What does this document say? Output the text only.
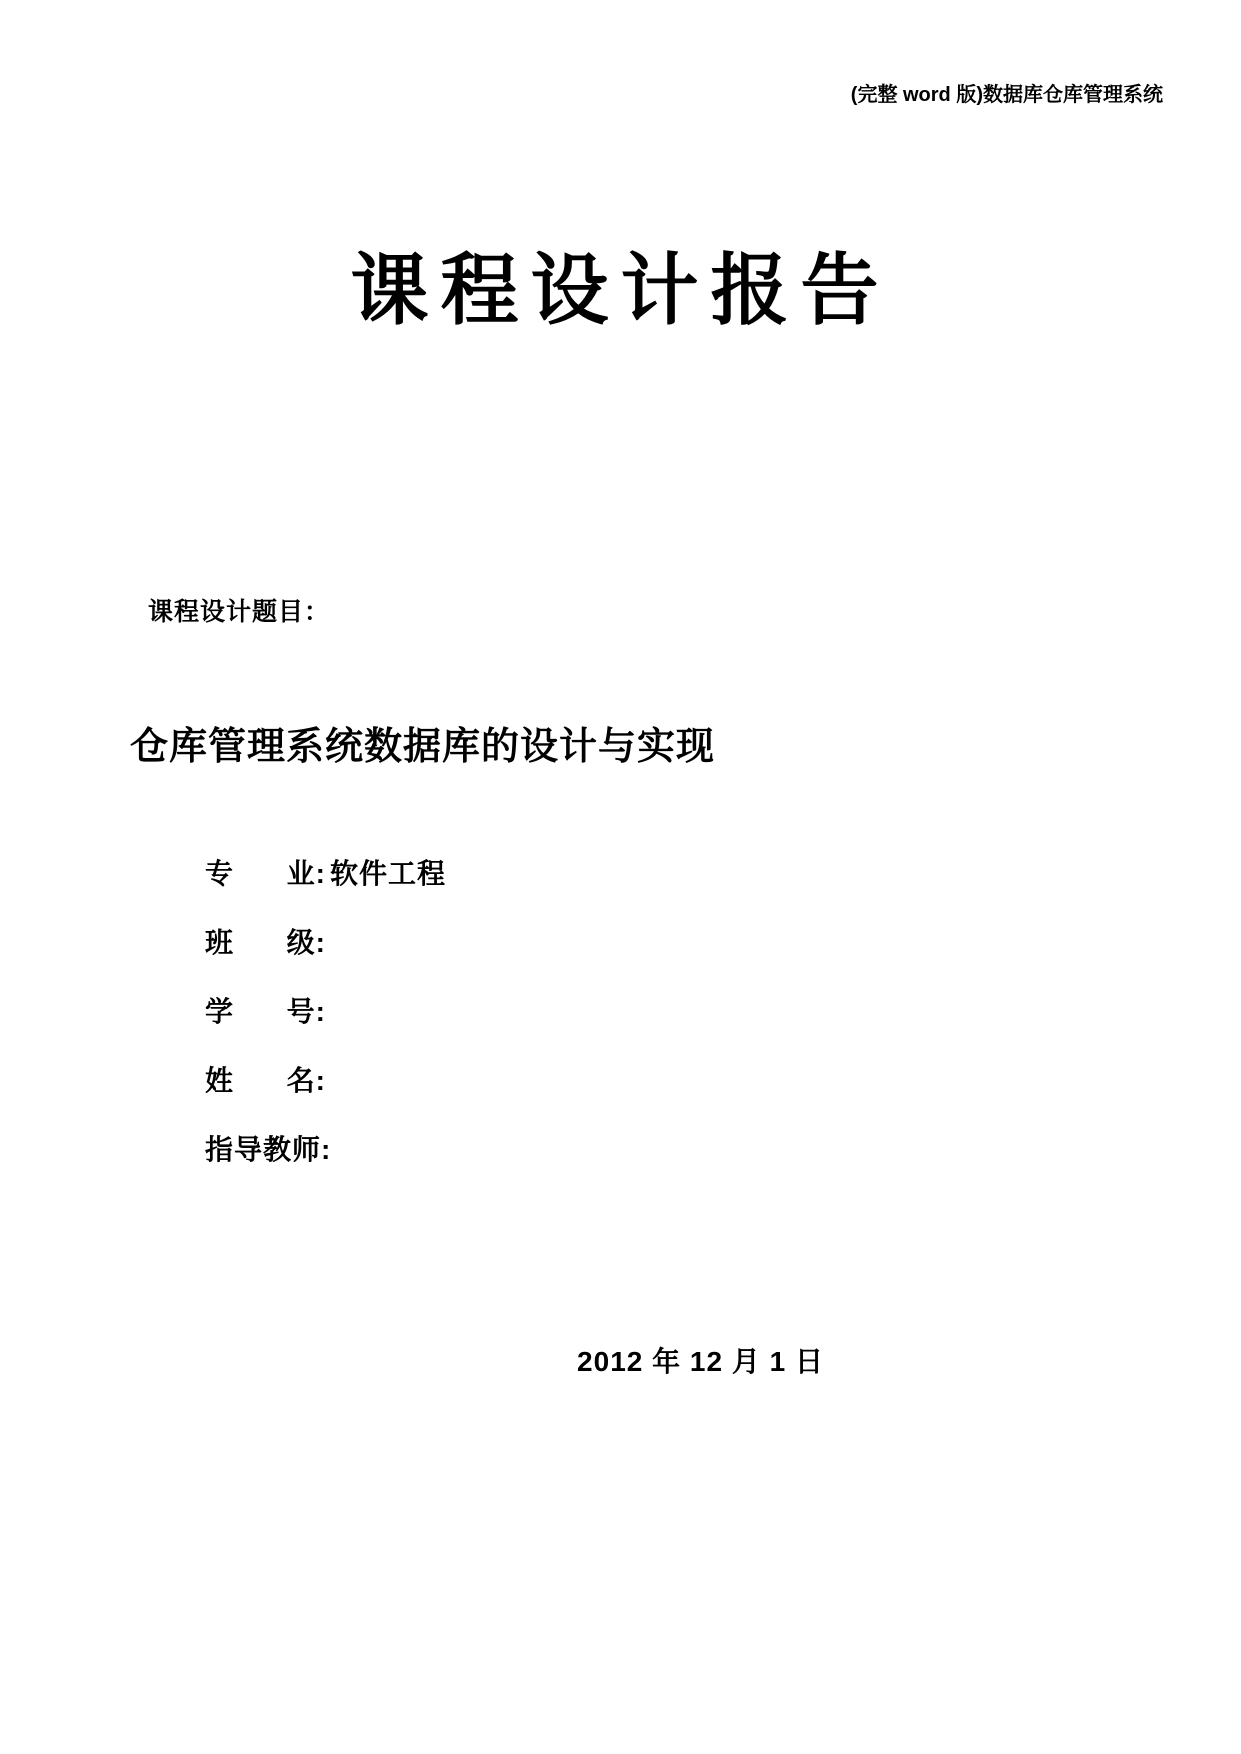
(完整 word 版)数据库仓库管理系统
课程设计报告
课程设计题目：
仓库管理系统数据库的设计与实现
专      业: 软件工程
班      级:
学      号:
姓      名:
指导教师:
2012 年 12 月 1 日
